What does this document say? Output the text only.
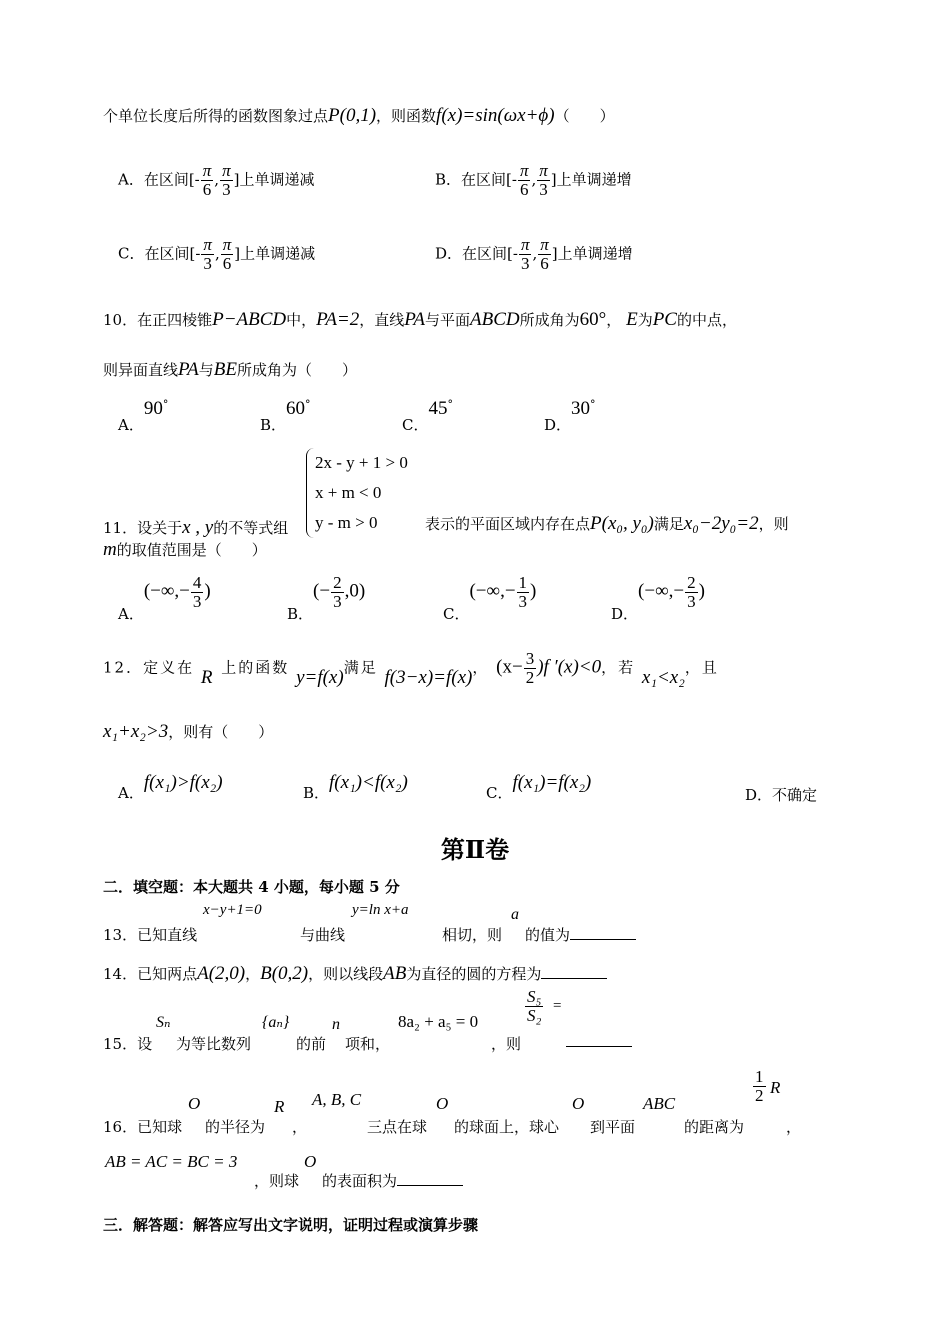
个单位长度后所得的函数图象过点P(0,1)，则函数f(x)=sin(ωx+ϕ)（　　）
A．在区间[- $\frac{\pi}{6}$ , $\frac{\pi}{3}$ ]上单调递减	B．在区间[- $\frac{\pi}{6}$ , $\frac{\pi}{3}$ ]上单调递增
C．在区间[- $\frac{\pi}{3}$ , $\frac{\pi}{6}$ ]上单调递减	D．在区间[- $\frac{\pi}{3}$ , $\frac{\pi}{6}$ ]上单调递增
10．在正四棱锥P−ABCD中，PA=2，直线PA与平面ABCD所成角为60°， E为PC的中点，
则异面直线PA与BE所成角为（　　）
A．90°
B．60°
C．45°
D．30°
2x - y + 1 > 0
x + m < 0
y - m > 0
11．设关于x , y的不等式组	表示的平面区域内存在点P(x₀, y₀)满足x₀−2y₀=2，则
m的取值范围是（　　）
A．(−∞,− $\frac{4}{3}$ )
B．(− $\frac{2}{3} ,0$)
C．(−∞,− $\frac{1}{3}$ )
D．(−∞,− $\frac{2}{3}$ )
12．定义在 R 上的函数 y=f(x)满足 f(3−x)=f(x)， $(x- \frac{3}{2} )f$ ′(x)<0，若 x₁<x₂，且
x₁+x₂>3，则有（　　）
A．f(x₁)>f(x₂)	B．f(x₁)<f(x₂)	C．f(x₁)=f(x₂)
D．不确定
第Ⅱ卷
二．填空题：本大题共 4 小题，每小题 5 分
13．已知直线
x−y+1=0
与曲线
y=ln x+a
相切，则
a
的值为
14．已知两点A(2,0)，B(0,2)，则以线段AB为直径的圆的方程为
15．设
Sₙ
为等比数列
{aₙ}
的前
n
项和，
8a₂ + a₅ = 0
，则
$\frac{\text{S₅}}{\text{S₂}}$ =
16．已知球
O
的半径为
R
，
A, B, C
三点在球
O
的球面上，球心
O
到平面
ABC
的距离为
$\frac{1}{2}$ R
，
AB = AC = BC = 3
，则球
O
的表面积为
三．解答题：解答应写出文字说明，证明过程或演算步骤
